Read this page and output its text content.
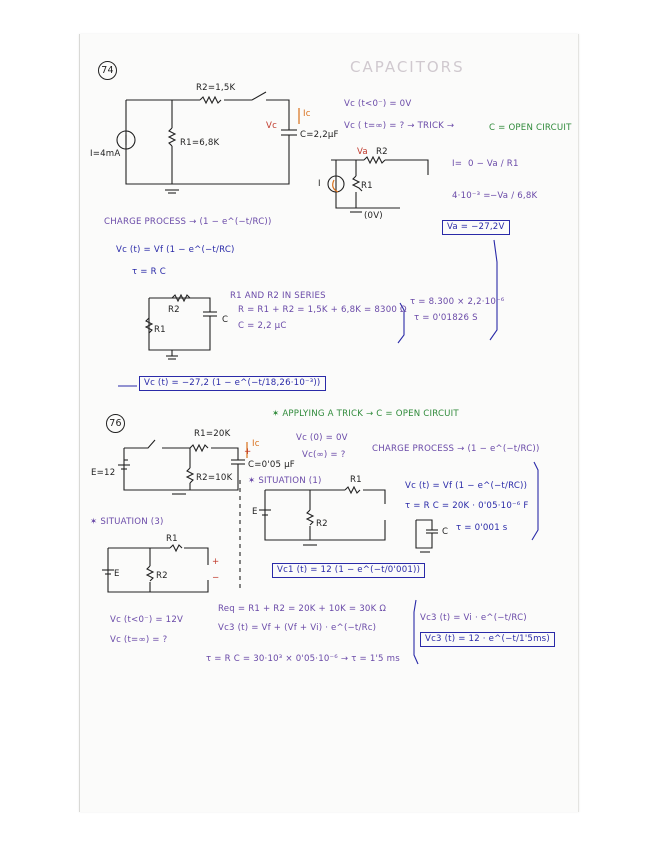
CAPACITORS
74
R2=1,5K
R1=6,8K
I=4mA
C=2,2μF
Vc
Ic
Vc (t<0⁻) = 0V
Vc ( t=∞) = ? → TRICK →	C = OPEN CIRCUIT
Va R2
R1
I
(0V)
I= 0 − Va / R1
4·10⁻³ = −Va / 6,8K
Va = −27,2V
CHARGE PROCESS → (1 − e^(−t/RC))
Vc (t) = Vf (1 − e^(−t/RC)
τ = R C
R2
R1
C
R1 AND R2 IN SERIES
R = R1 + R2 = 1,5K + 6,8K = 8300 Ω
C = 2,2 μC
τ = 8.300 × 2,2·10⁻⁶
τ = 0'01826 S
Vc (t) = −27,2 (1 − e^(−t/18,26·10⁻³))
76
✶ APPLYING A TRICK → C = OPEN CIRCUIT
R1=20K
R2=10K
E=12
C=0'05 μF
+
Ic
Vc (0) = 0V
Vc(∞) = ?
CHARGE PROCESS → (1 − e^(−t/RC))
✶ SITUATION (1)
✶ SITUATION (3)
Vc (t) = Vf (1 − e^(−t/RC))
τ = R C = 20K · 0'05·10⁻⁶ F
τ = 0'001 s
Vc1 (t) = 12 (1 − e^(−t/0'001))
E
R1
R2
C
E
R1
R2
+
−
Vc (t<0⁻) = 12V
Vc (t=∞) = ?
Req = R1 + R2 = 20K + 10K = 30K Ω
Vc3 (t) = Vf + (Vf + Vi) · e^(−t/Rc)
τ = R C = 30·10³ × 0'05·10⁻⁶ → τ = 1'5 ms
Vc3 (t) = Vi · e^(−t/RC)
Vc3 (t) = 12 · e^(−t/1'5ms)
